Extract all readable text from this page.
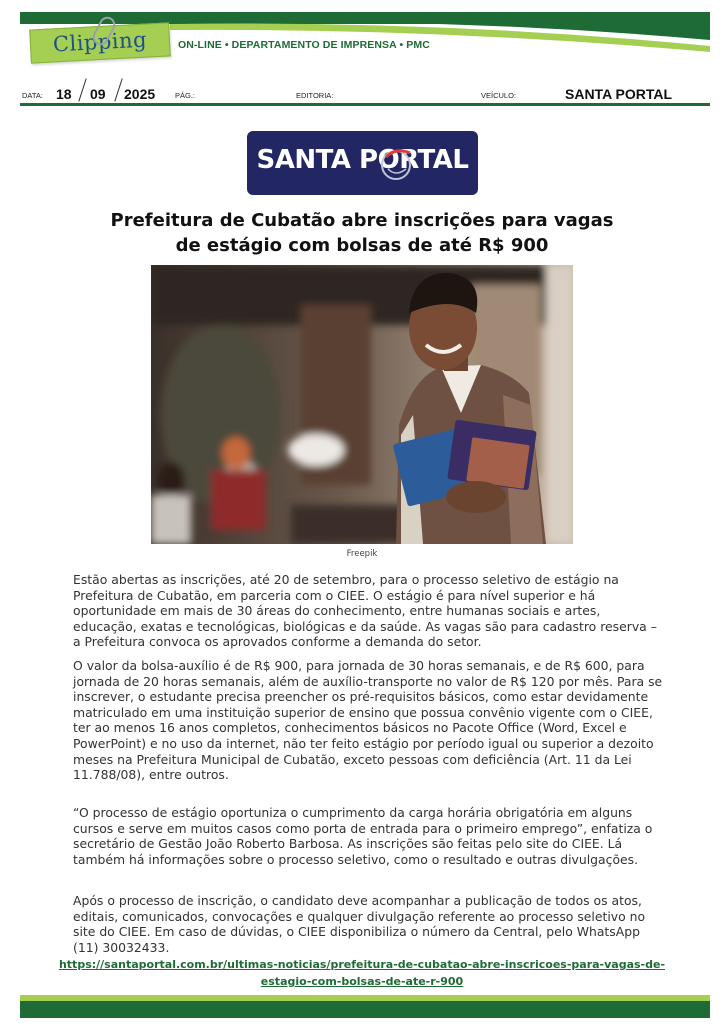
Clipping	ON-LINE • DEPARTAMENTO DE IMPRENSA • PMC
DATA: 18 09 2025	PÁG.:	EDITORIA:	VEÍCULO:	SANTA PORTAL
SANTA PORTAL
Prefeitura de Cubatão abre inscrições para vagas de estágio com bolsas de até R$ 900
Freepik

Estão abertas as inscrições, até 20 de setembro, para o processo seletivo de estágio na Prefeitura de Cubatão, em parceria com o CIEE. O estágio é para nível superior e há oportunidade em mais de 30 áreas do conhecimento, entre humanas sociais e artes, educação, exatas e tecnológicas, biológicas e da saúde. As vagas são para cadastro reserva – a Prefeitura convoca os aprovados conforme a demanda do setor.

O valor da bolsa-auxílio é de R$ 900, para jornada de 30 horas semanais, e de R$ 600, para jornada de 20 horas semanais, além de auxílio-transporte no valor de R$ 120 por mês. Para se inscrever, o estudante precisa preencher os pré-requisitos básicos, como estar devidamente matriculado em uma instituição superior de ensino que possua convênio vigente com o CIEE, ter ao menos 16 anos completos, conhecimentos básicos no Pacote Office (Word, Excel e PowerPoint) e no uso da internet, não ter feito estágio por período igual ou superior a dezoito meses na Prefeitura Municipal de Cubatão, exceto pessoas com deficiência (Art. 11 da Lei 11.788/08), entre outros.

“O processo de estágio oportuniza o cumprimento da carga horária obrigatória em alguns cursos e serve em muitos casos como porta de entrada para o primeiro emprego”, enfatiza o secretário de Gestão João Roberto Barbosa. As inscrições são feitas pelo site do CIEE. Lá também há informações sobre o processo seletivo, como o resultado e outras divulgações.

Após o processo de inscrição, o candidato deve acompanhar a publicação de todos os atos, editais, comunicados, convocações e qualquer divulgação referente ao processo seletivo no site do CIEE. Em caso de dúvidas, o CIEE disponibiliza o número da Central, pelo WhatsApp (11) 30032433.

https://santaportal.com.br/ultimas-noticias/prefeitura-de-cubatao-abre-inscricoes-para-vagas-de-estagio-com-bolsas-de-ate-r-900
